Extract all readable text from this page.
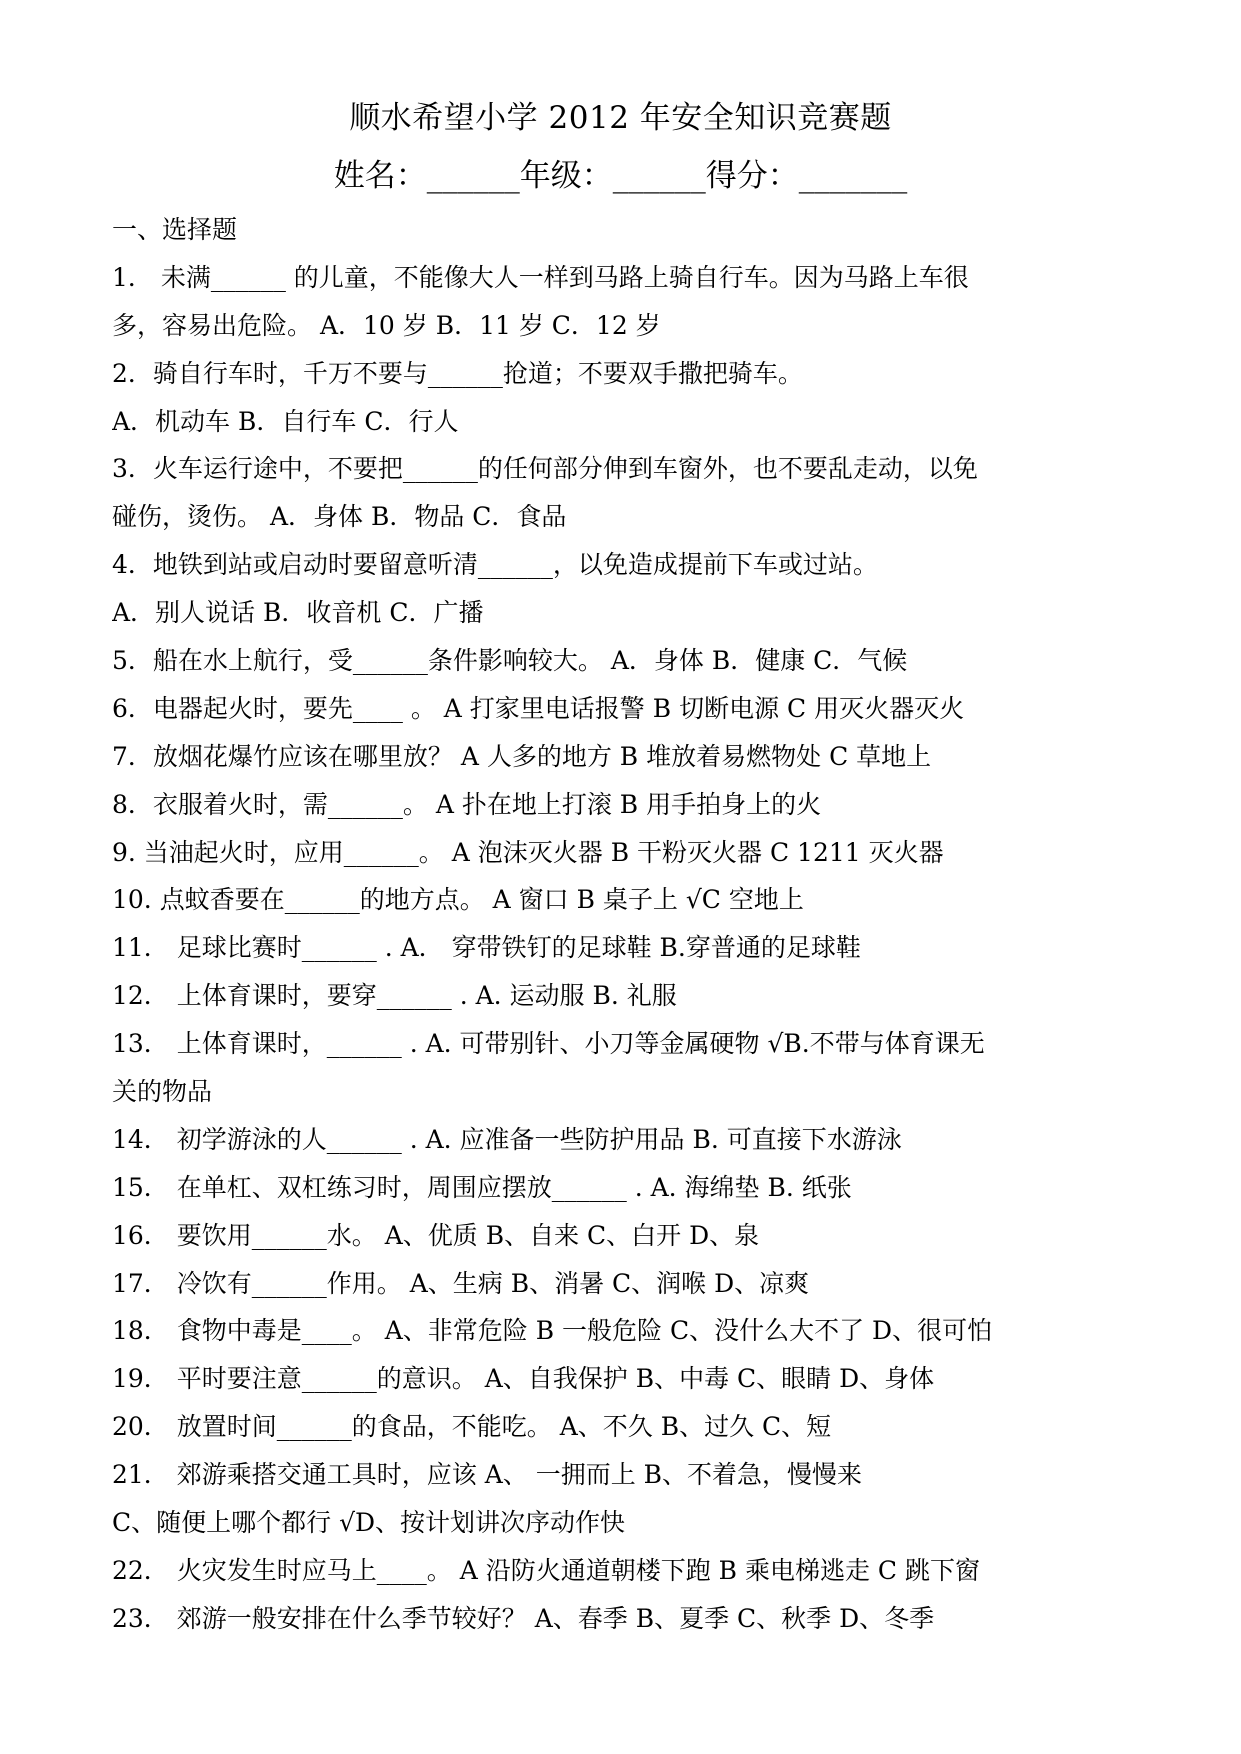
顺水希望小学 2012 年安全知识竞赛题
姓名：______年级：______得分：_______
一、选择题
1． 未满______ 的儿童，不能像大人一样到马路上骑自行车。因为马路上车很
多，容易出危险。 A．10 岁 B．11 岁 C．12 岁
2．骑自行车时，千万不要与______抢道；不要双手撒把骑车。
A．机动车 B．自行车 C．行人
3．火车运行途中，不要把______的任何部分伸到车窗外，也不要乱走动，以免
碰伤，烫伤。 A．身体 B．物品 C．食品
4．地铁到站或启动时要留意听清______，以免造成提前下车或过站。
A．别人说话 B．收音机 C．广播
5．船在水上航行，受______条件影响较大。 A．身体 B．健康 C．气候
6．电器起火时，要先____ 。 A 打家里电话报警 B 切断电源 C 用灭火器灭火
7．放烟花爆竹应该在哪里放？ A 人多的地方 B 堆放着易燃物处 C 草地上
8．衣服着火时，需______。 A 扑在地上打滚 B 用手拍身上的火
9. 当油起火时，应用______。 A 泡沫灭火器 B 干粉灭火器 C 1211 灭火器
10. 点蚊香要在______的地方点。 A 窗口 B 桌子上 √C 空地上
11． 足球比赛时______ . A． 穿带铁钉的足球鞋 B.穿普通的足球鞋
12． 上体育课时，要穿______ . A. 运动服 B. 礼服
13． 上体育课时，______ . A. 可带别针、小刀等金属硬物 √B.不带与体育课无
关的物品
14． 初学游泳的人______ . A. 应准备一些防护用品 B. 可直接下水游泳
15． 在单杠、双杠练习时，周围应摆放______ . A. 海绵垫 B. 纸张
16． 要饮用______水。 A、优质 B、自来 C、白开 D、泉
17． 冷饮有______作用。 A、生病 B、消暑 C、润喉 D、凉爽
18． 食物中毒是____。 A、非常危险 B 一般危险 C、没什么大不了 D、很可怕
19． 平时要注意______的意识。 A、自我保护 B、中毒 C、眼睛 D、身体
20． 放置时间______的食品，不能吃。 A、不久 B、过久 C、短
21． 郊游乘搭交通工具时，应该 A、 一拥而上 B、不着急，慢慢来
C、随便上哪个都行 √D、按计划讲次序动作快
22． 火灾发生时应马上____。 A 沿防火通道朝楼下跑 B 乘电梯逃走 C 跳下窗
23． 郊游一般安排在什么季节较好？ A、春季 B、夏季 C、秋季 D、冬季
